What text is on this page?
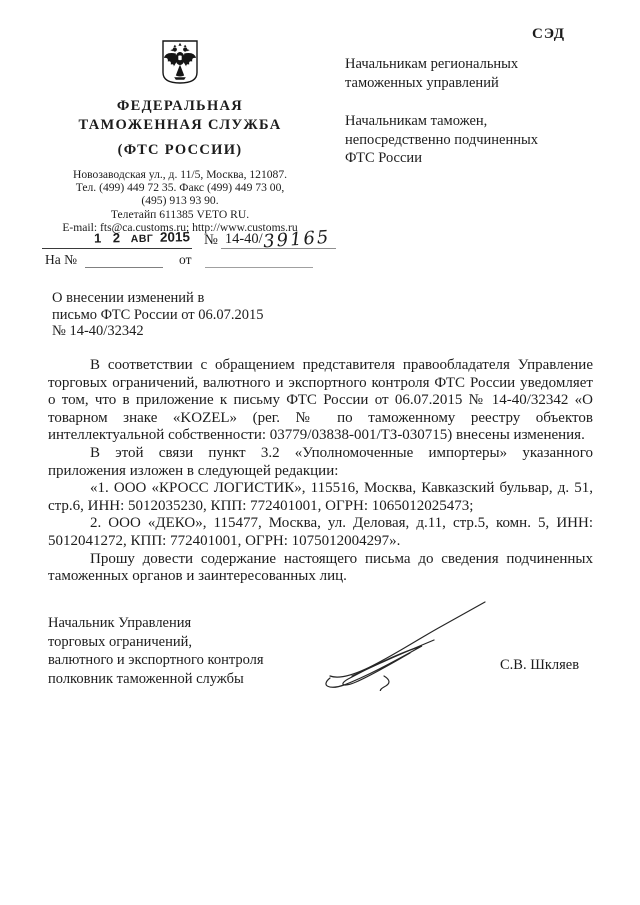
СЭД
ФЕДЕРАЛЬНАЯ
ТАМОЖЕННАЯ СЛУЖБА
(ФТС РОССИИ)
Новозаводская ул., д. 11/5, Москва, 121087.
Тел. (499) 449 72 35. Факс (499) 449 73 00,
(495) 913 93 90.
Телетайп 611385 VETO RU.
E-mail: fts@ca.customs.ru; http://www.customs.ru
Начальникам региональных
таможенных управлений
Начальникам таможен,
непосредственно подчиненных
ФТС России
1 2 АВГ 2015 № 14-40/ 39165
На №	от
О внесении изменений в
письмо ФТС России от 06.07.2015
№ 14-40/32342

В соответствии с обращением представителя правообладателя Управление торговых ограничений, валютного и экспортного контроля ФТС России уведомляет о том, что в приложение к письму ФТС России от 06.07.2015 № 14-40/32342 «О товарном знаке «KOZEL» (рег. № по таможенному реестру объектов интеллектуальной собственности: 03779/03838-001/ТЗ-030715) внесены изменения.

В этой связи пункт 3.2 «Уполномоченные импортеры» указанного приложения изложен в следующей редакции:

«1. ООО «КРОСС ЛОГИСТИК», 115516, Москва, Кавказский бульвар, д. 51, стр.6, ИНН: 5012035230, КПП: 772401001, ОГРН: 1065012025473;

2. ООО «ДЕКО», 115477, Москва, ул. Деловая, д.11, стр.5, комн. 5, ИНН: 5012041272, КПП: 772401001, ОГРН: 1075012004297».

Прошу довести содержание настоящего письма до сведения подчиненных таможенных органов и заинтересованных лиц.

Начальник Управления
торговых ограничений,
валютного и экспортного контроля
полковник таможенной службы
С.В. Шкляев
